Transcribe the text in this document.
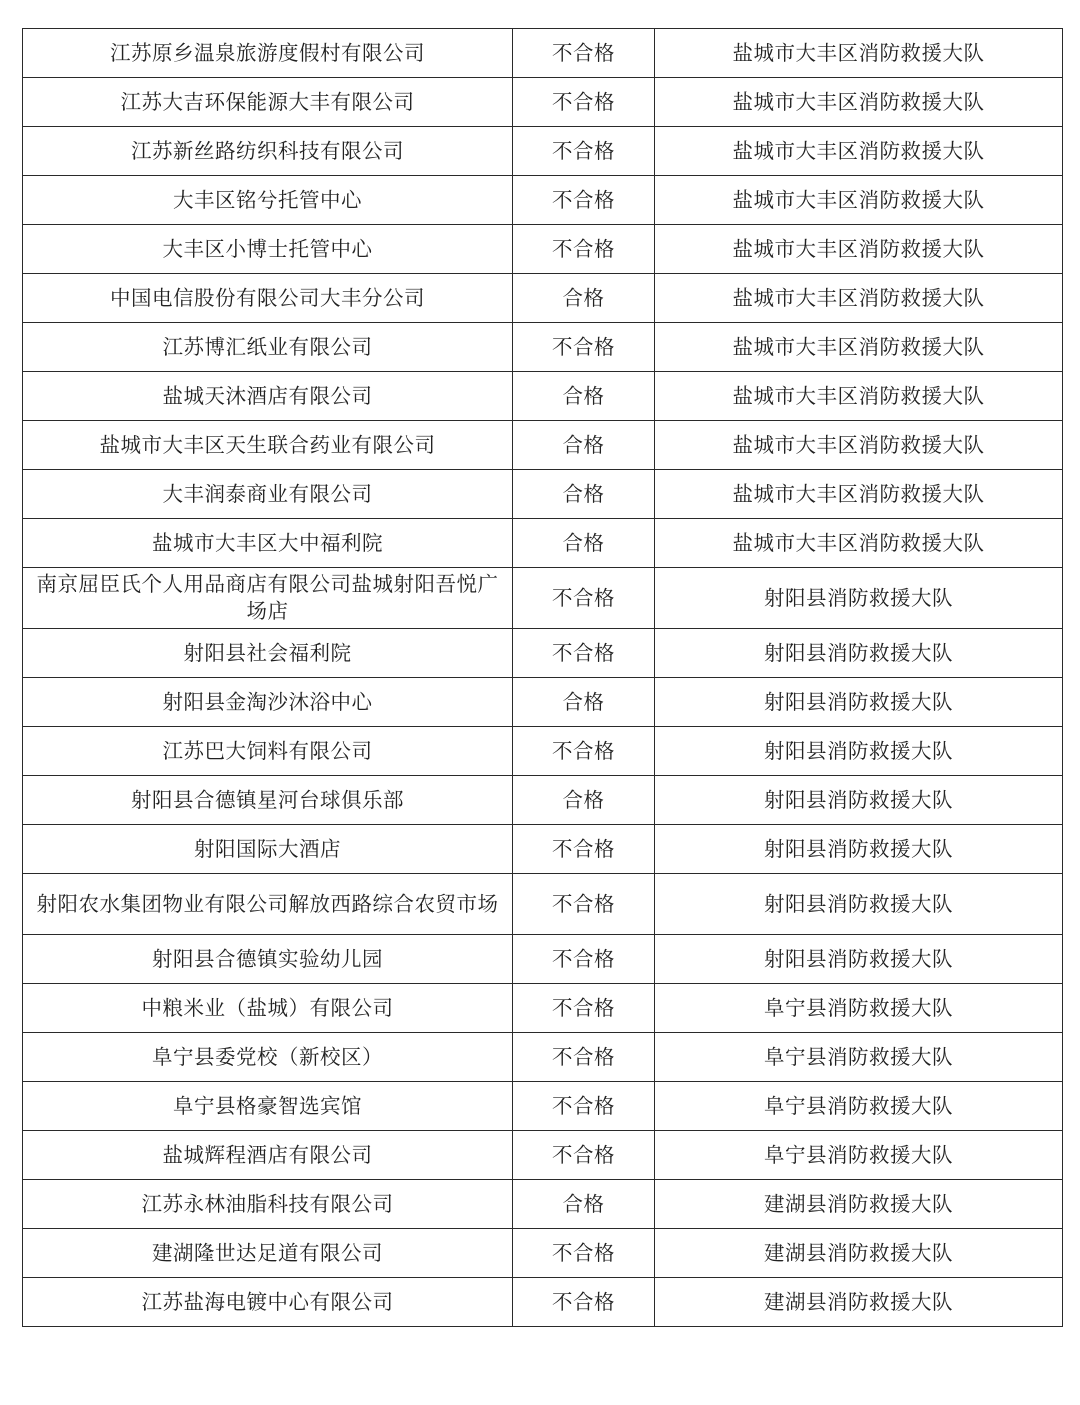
江苏原乡温泉旅游度假村有限公司	不合格	盐城市大丰区消防救援大队
江苏大吉环保能源大丰有限公司	不合格	盐城市大丰区消防救援大队
江苏新丝路纺织科技有限公司	不合格	盐城市大丰区消防救援大队
大丰区铭兮托管中心	不合格	盐城市大丰区消防救援大队
大丰区小博士托管中心	不合格	盐城市大丰区消防救援大队
中国电信股份有限公司大丰分公司	合格	盐城市大丰区消防救援大队
江苏博汇纸业有限公司	不合格	盐城市大丰区消防救援大队
盐城天沐酒店有限公司	合格	盐城市大丰区消防救援大队
盐城市大丰区天生联合药业有限公司	合格	盐城市大丰区消防救援大队
大丰润泰商业有限公司	合格	盐城市大丰区消防救援大队
盐城市大丰区大中福利院	合格	盐城市大丰区消防救援大队
南京屈臣氏个人用品商店有限公司盐城射阳吾悦广场店	不合格	射阳县消防救援大队
射阳县社会福利院	不合格	射阳县消防救援大队
射阳县金淘沙沐浴中心	合格	射阳县消防救援大队
江苏巴大饲料有限公司	不合格	射阳县消防救援大队
射阳县合德镇星河台球俱乐部	合格	射阳县消防救援大队
射阳国际大酒店	不合格	射阳县消防救援大队
射阳农水集团物业有限公司解放西路综合农贸市场	不合格	射阳县消防救援大队
射阳县合德镇实验幼儿园	不合格	射阳县消防救援大队
中粮米业（盐城）有限公司	不合格	阜宁县消防救援大队
阜宁县委党校（新校区）	不合格	阜宁县消防救援大队
阜宁县格豪智选宾馆	不合格	阜宁县消防救援大队
盐城辉程酒店有限公司	不合格	阜宁县消防救援大队
江苏永林油脂科技有限公司	合格	建湖县消防救援大队
建湖隆世达足道有限公司	不合格	建湖县消防救援大队
江苏盐海电镀中心有限公司	不合格	建湖县消防救援大队
